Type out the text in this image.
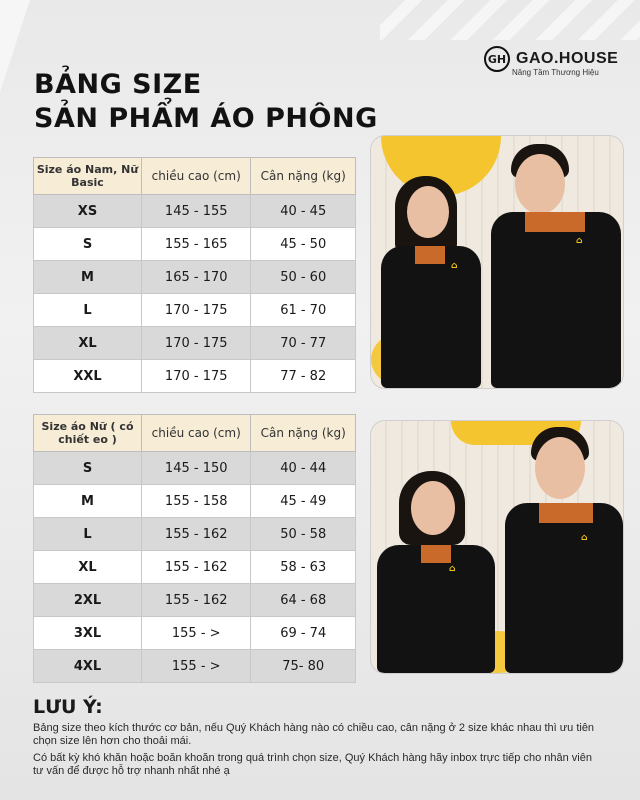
GH GAO.HOUSE
Nâng Tầm Thương Hiệu

BẢNG SIZE

SẢN PHẨM ÁO PHÔNG

Size áo Nam, Nữ Basic	chiều cao (cm)	Cân nặng (kg)
XS	145 - 155	40 - 45
S	155 - 165	45 - 50
M	165 - 170	50 - 60
L	170 - 175	61 - 70
XL	170 - 175	70 - 77
XXL	170 - 175	77 - 82
Size áo Nữ ( có chiết eo )	chiều cao (cm)	Cân nặng (kg)
S	145 - 150	40 - 44
M	155 - 158	45 - 49
L	155 - 162	50 - 58
XL	155 - 162	58 - 63
2XL	155 - 162	64 - 68
3XL	155 - >	69 - 74
4XL	155 - >	75- 80
⌂
⌂
⌂
⌂

LƯU Ý:

Bảng size theo kích thước cơ bản, nếu Quý Khách hàng nào có chiều cao, cân nặng ở 2 size khác nhau thì ưu tiên chọn size lên hơn cho thoải mái.

Có bất kỳ khó khăn hoặc boăn khoăn trong quá trình chọn size, Quý Khách hàng hãy inbox trực tiếp cho nhân viên tư vấn để được hỗ trợ nhanh nhất nhé ạ
